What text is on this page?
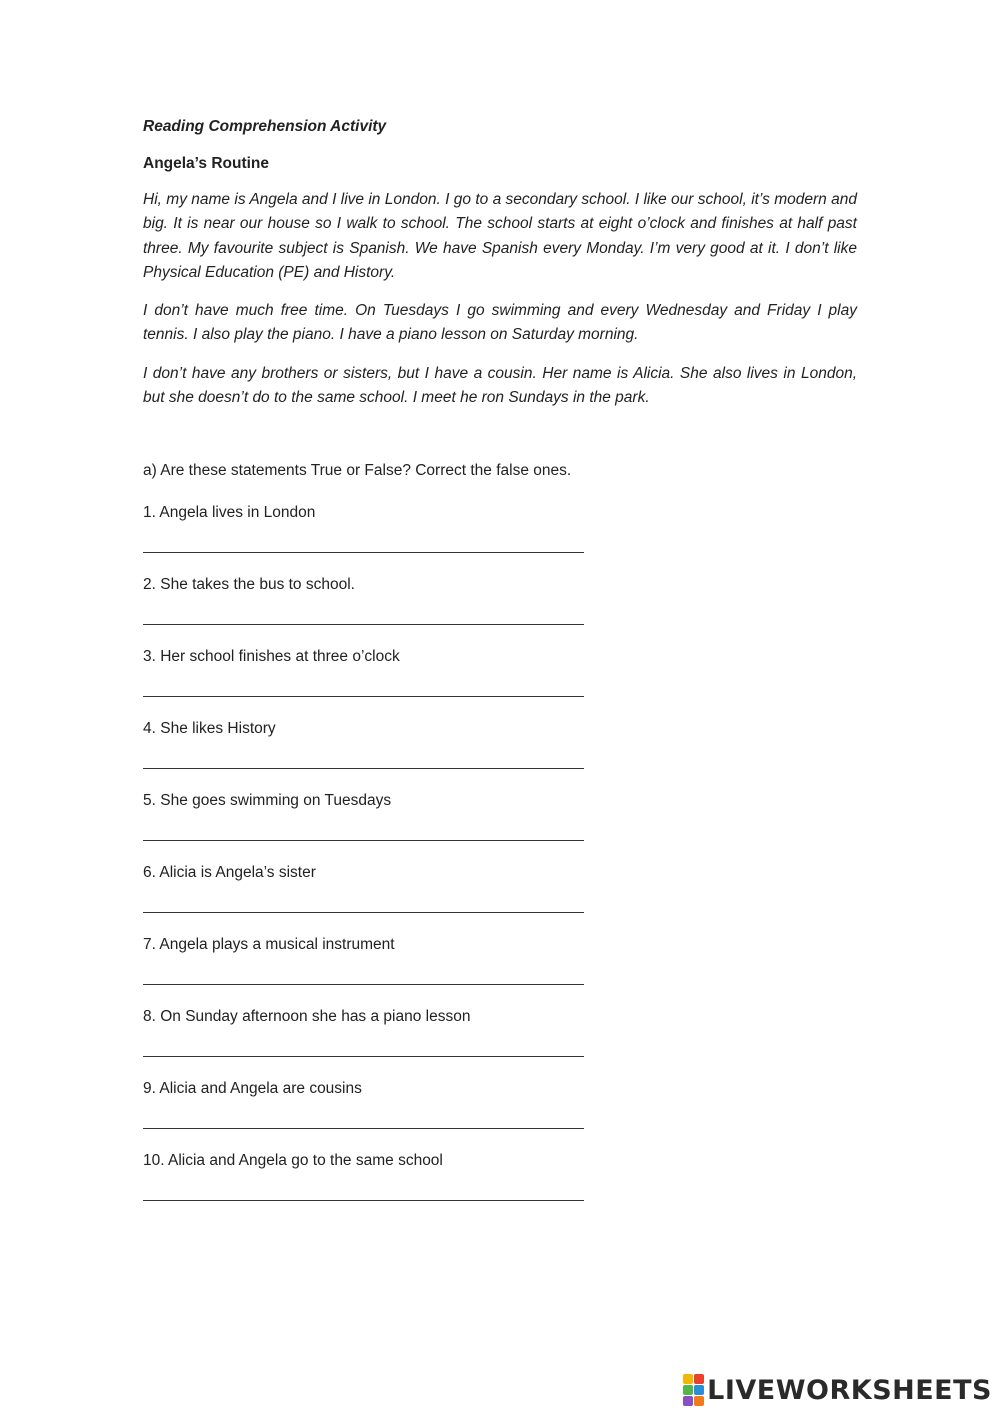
Reading Comprehension Activity

Angela’s Routine

Hi, my name is Angela and I live in London. I go to a secondary school. I like our school, it’s modern and big. It is near our house so I walk to school. The school starts at eight o’clock and finishes at half past three. My favourite subject is Spanish. We have Spanish every Monday. I’m very good at it. I don’t like Physical Education (PE) and History.

I don’t have much free time. On Tuesdays I go swimming and every Wednesday and Friday I play tennis. I also play the piano. I have a piano lesson on Saturday morning.

I don’t have any brothers or sisters, but I have a cousin. Her name is Alicia. She also lives in London, but she doesn’t do to the same school. I meet he ron Sundays in the park.

a) Are these statements True or False? Correct the false ones.

1. Angela lives in London

2. She takes the bus to school.

3. Her school finishes at three o’clock

4. She likes History

5. She goes swimming on Tuesdays

6. Alicia is Angela’s sister

7. Angela plays a musical instrument

8. On Sunday afternoon she has a piano lesson

9. Alicia and Angela are cousins

10. Alicia and Angela go to the same school

LIVEWORKSHEETS
